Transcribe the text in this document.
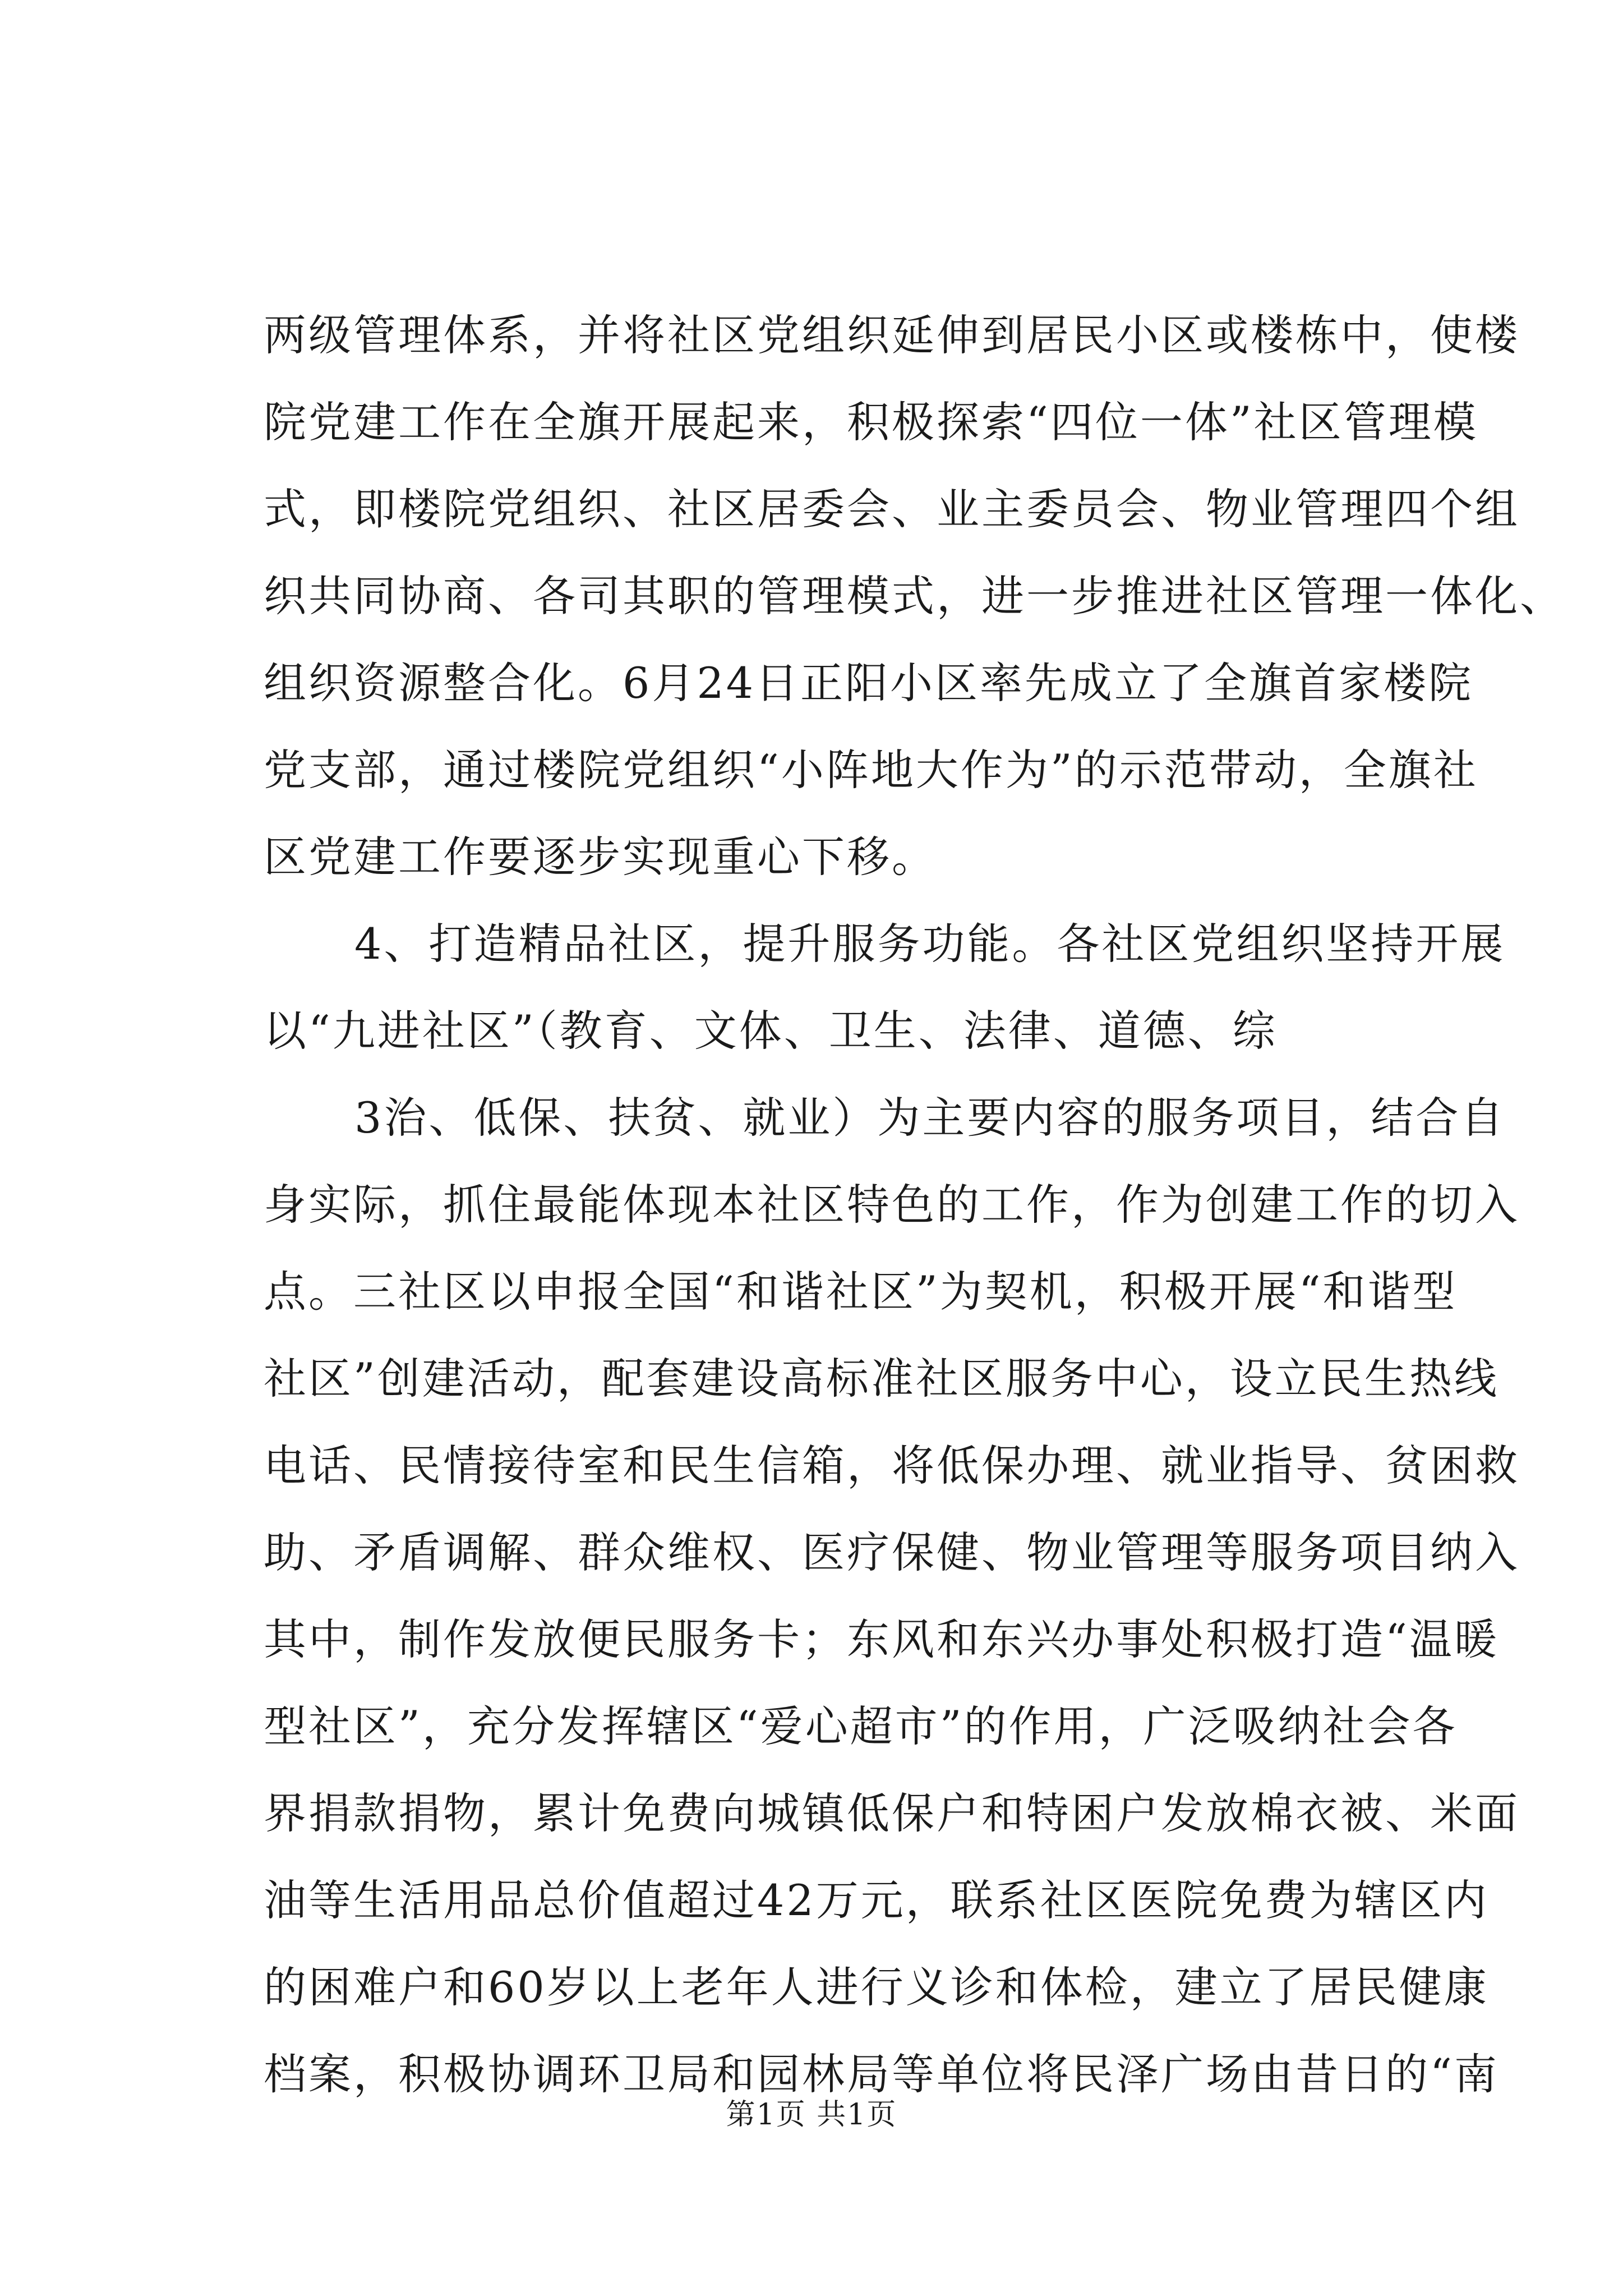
两级管理体系，并将社区党组织延伸到居民小区或楼栋中，使楼
院党建工作在全旗开展起来，积极探索“四位一体”社区管理模
式，即楼院党组织、社区居委会、业主委员会、物业管理四个组
织共同协商、各司其职的管理模式，进一步推进社区管理一体化、
组织资源整合化。6月24日正阳小区率先成立了全旗首家楼院
党支部，通过楼院党组织“小阵地大作为”的示范带动，全旗社
区党建工作要逐步实现重心下移。
4、打造精品社区，提升服务功能。各社区党组织坚持开展
以“九进社区”（教育、文体、卫生、法律、道德、综
3治、低保、扶贫、就业）为主要内容的服务项目，结合自
身实际，抓住最能体现本社区特色的工作，作为创建工作的切入
点。三社区以申报全国“和谐社区”为契机，积极开展“和谐型
社区”创建活动，配套建设高标准社区服务中心，设立民生热线
电话、民情接待室和民生信箱，将低保办理、就业指导、贫困救
助、矛盾调解、群众维权、医疗保健、物业管理等服务项目纳入
其中，制作发放便民服务卡；东风和东兴办事处积极打造“温暖
型社区”，充分发挥辖区“爱心超市”的作用，广泛吸纳社会各
界捐款捐物，累计免费向城镇低保户和特困户发放棉衣被、米面
油等生活用品总价值超过42万元，联系社区医院免费为辖区内
的困难户和60岁以上老年人进行义诊和体检，建立了居民健康
档案，积极协调环卫局和园林局等单位将民泽广场由昔日的“南
第1页 共1页
